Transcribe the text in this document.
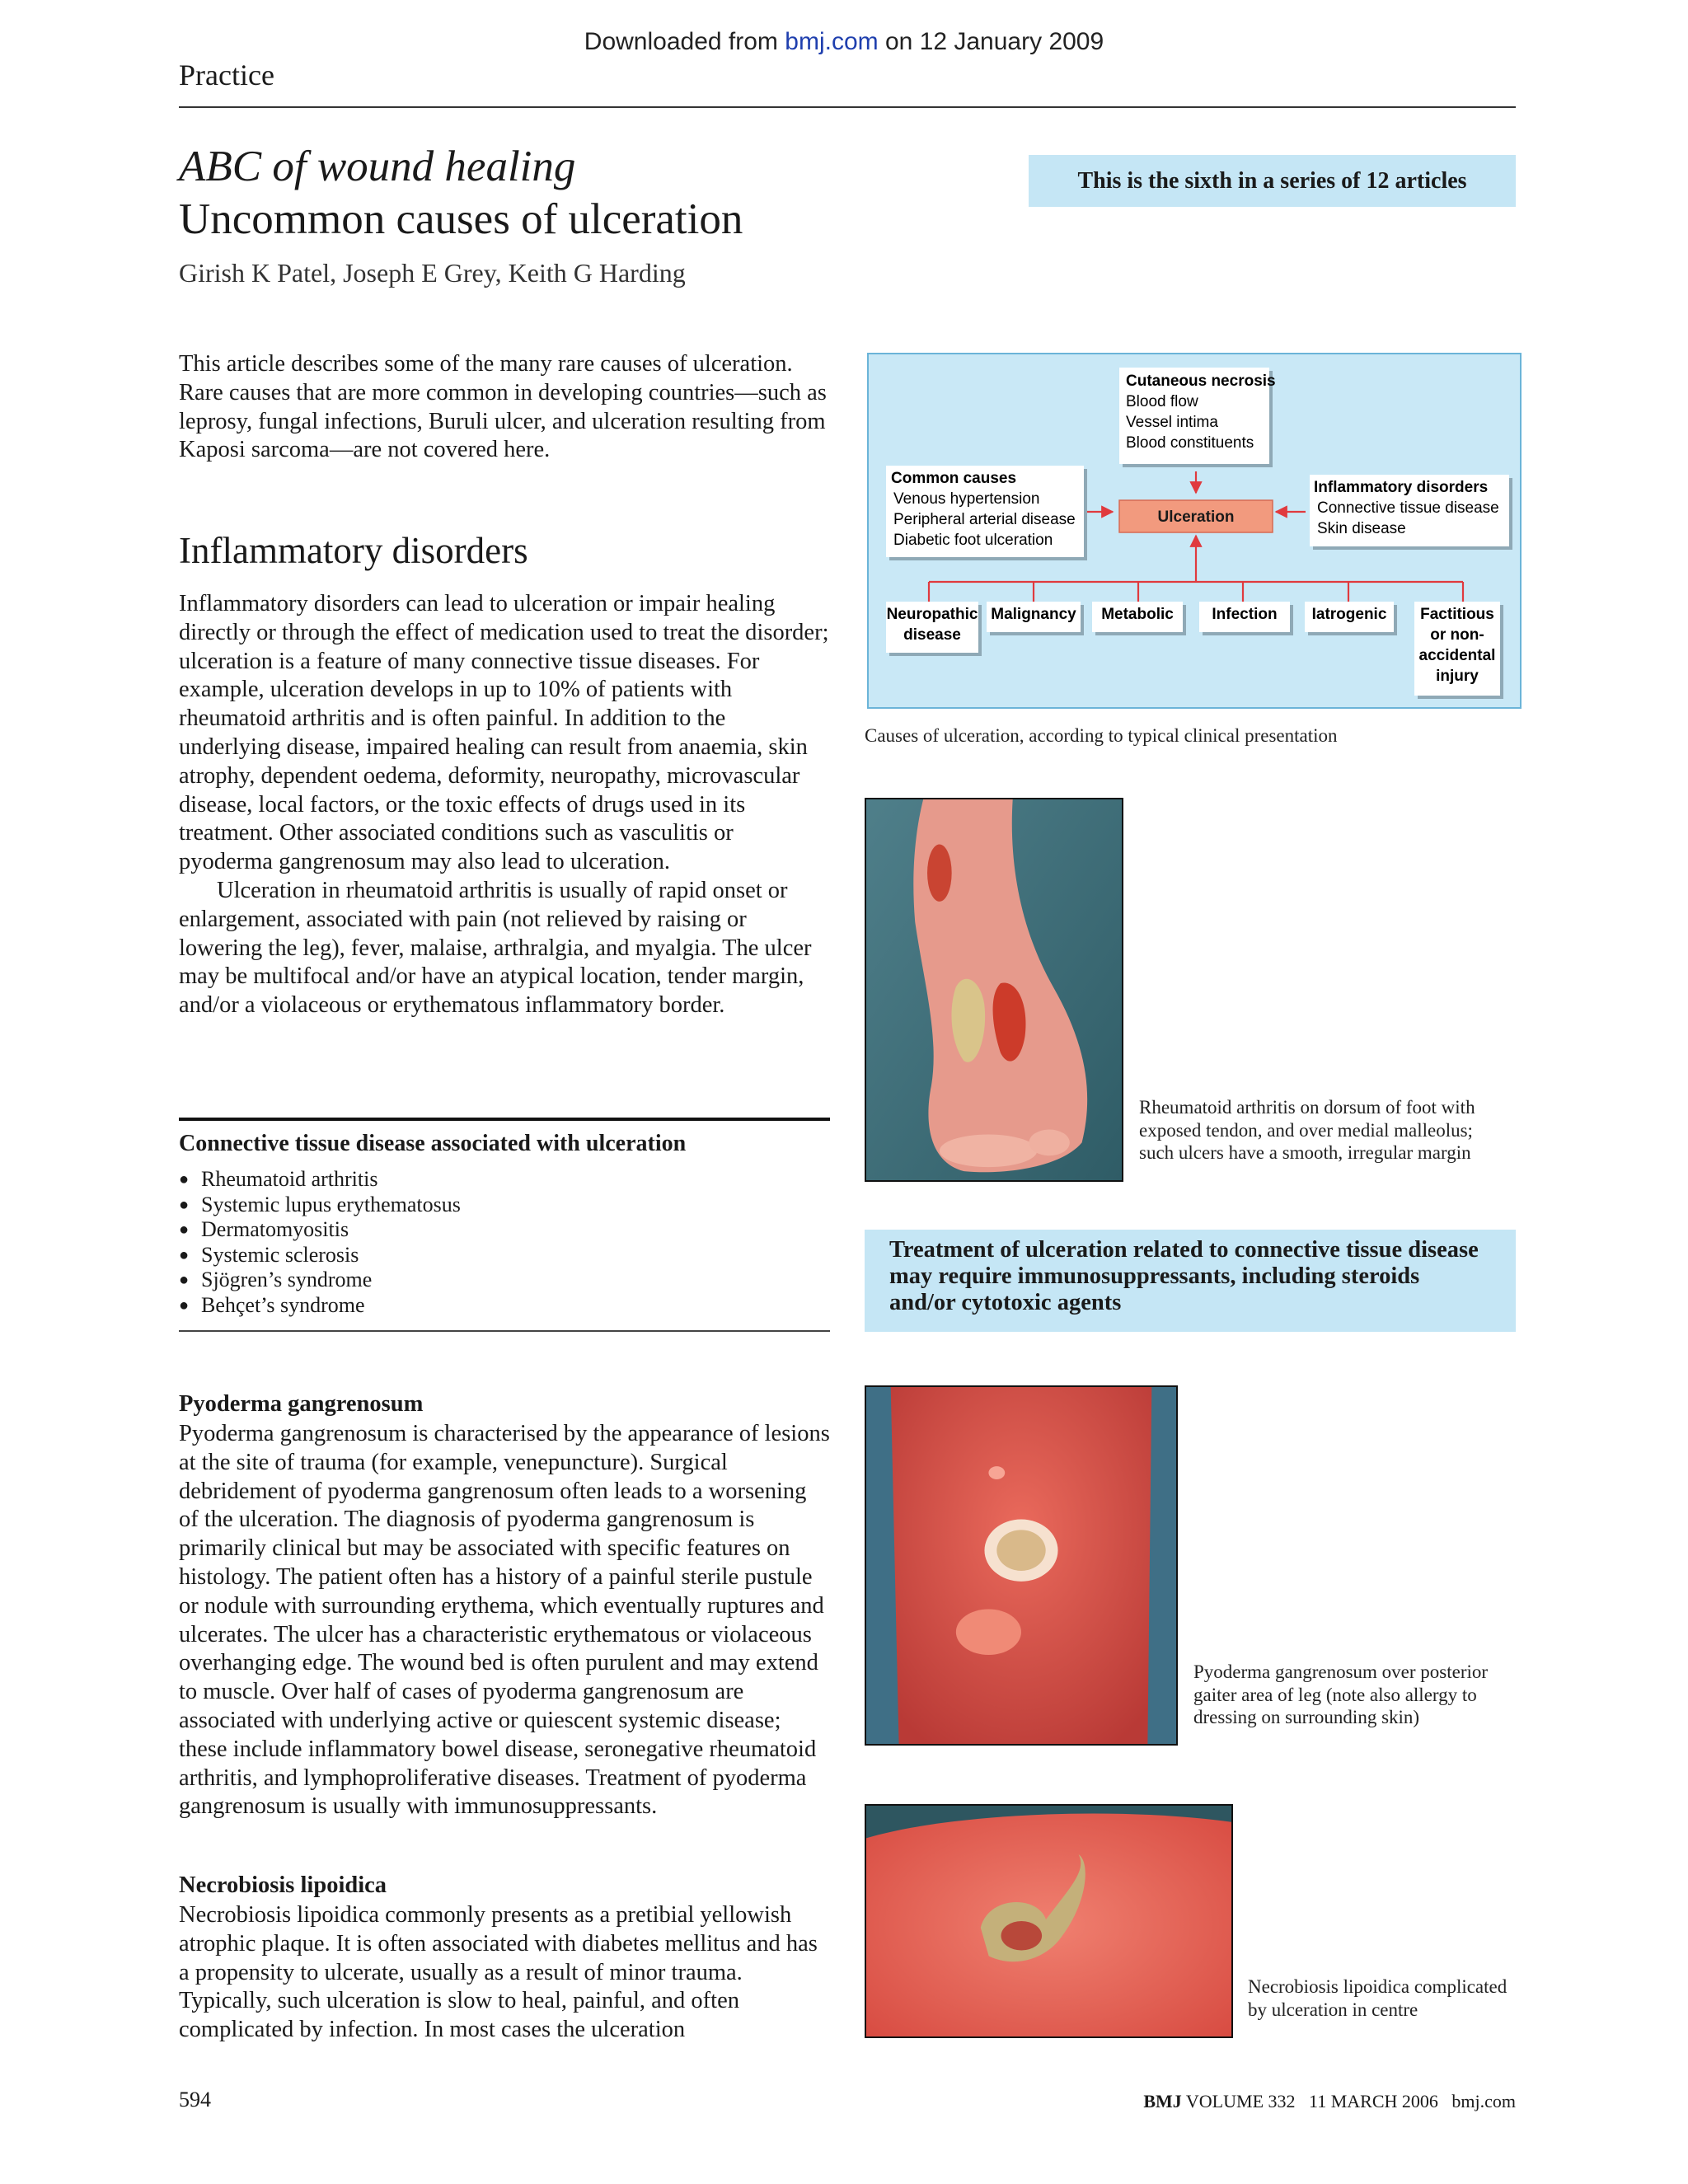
Downloaded from bmj.com on 12 January 2009
Practice
ABC of wound healing
Uncommon causes of ulceration
Girish K Patel, Joseph E Grey, Keith G Harding
This is the sixth in a series of 12 articles

This article describes some of the many rare causes of ulceration. Rare causes that are more common in developing countries—such as leprosy, fungal infections, Buruli ulcer, and ulceration resulting from Kaposi sarcoma—are not covered here.

Inflammatory disorders

Inflammatory disorders can lead to ulceration or impair healing directly or through the effect of medication used to treat the disorder; ulceration is a feature of many connective tissue diseases. For example, ulceration develops in up to 10% of patients with rheumatoid arthritis and is often painful. In addition to the underlying disease, impaired healing can result from anaemia, skin atrophy, dependent oedema, deformity, neuropathy, microvascular disease, local factors, or the toxic effects of drugs used in its treatment. Other associated conditions such as vasculitis or pyoderma gangrenosum may also lead to ulceration.

Ulceration in rheumatoid arthritis is usually of rapid onset or enlargement, associated with pain (not relieved by raising or lowering the leg), fever, malaise, arthralgia, and myalgia. The ulcer may be multifocal and/or have an atypical location, tender margin, and/or a violaceous or erythematous inflammatory border.

Connective tissue disease associated with ulceration
● Rheumatoid arthritis
● Systemic lupus erythematosus
● Dermatomyositis
● Systemic sclerosis
● Sjögren’s syndrome
● Behçet’s syndrome
Pyoderma gangrenosum

Pyoderma gangrenosum is characterised by the appearance of lesions at the site of trauma (for example, venepuncture). Surgical debridement of pyoderma gangrenosum often leads to a worsening of the ulceration. The diagnosis of pyoderma gangrenosum is primarily clinical but may be associated with specific features on histology. The patient often has a history of a painful sterile pustule or nodule with surrounding erythema, which eventually ruptures and ulcerates. The ulcer has a characteristic erythematous or violaceous overhanging edge. The wound bed is often purulent and may extend to muscle. Over half of cases of pyoderma gangrenosum are associated with underlying active or quiescent systemic disease; these include inflammatory bowel disease, seronegative rheumatoid arthritis, and lymphoproliferative diseases. Treatment of pyoderma gangrenosum is usually with immunosuppressants.

Necrobiosis lipoidica

Necrobiosis lipoidica commonly presents as a pretibial yellowish atrophic plaque. It is often associated with diabetes mellitus and has a propensity to ulcerate, usually as a result of minor trauma. Typically, such ulceration is slow to heal, painful, and often complicated by infection. In most cases the ulceration

Cutaneous necrosis
Blood flow
Vessel intima
Blood constituents
Common causes
Venous hypertension
Peripheral arterial disease
Diabetic foot ulceration
Ulceration
Inflammatory disorders
Connective tissue disease
Skin disease
Neuropathic
disease
Malignancy Metabolic Infection Iatrogenic Factitious
or non-
accidental
injury
Causes of ulceration, according to typical clinical presentation
Rheumatoid arthritis on dorsum of foot with exposed tendon, and over medial malleolus; such ulcers have a smooth, irregular margin
Treatment of ulceration related to connective tissue disease may require immunosuppressants, including steroids and/or cytotoxic agents
Pyoderma gangrenosum over posterior gaiter area of leg (note also allergy to dressing on surrounding skin)
Necrobiosis lipoidica complicated by ulceration in centre
594	BMJ VOLUME 332 11 MARCH 2006 bmj.com
